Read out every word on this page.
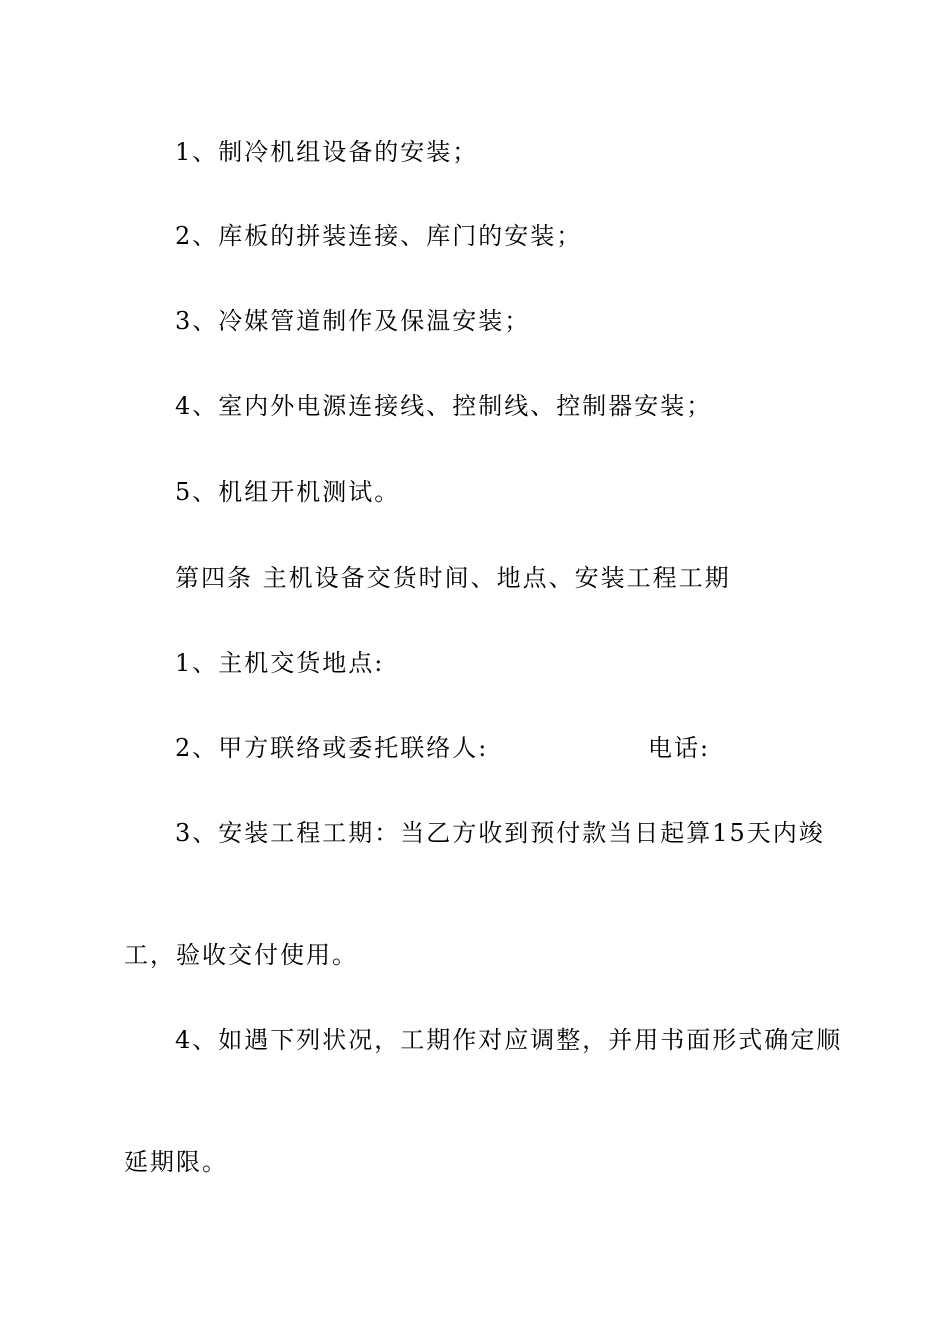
1、制冷机组设备的安装；
2、库板的拼装连接、库门的安装；
3、冷媒管道制作及保温安装；
4、室内外电源连接线、控制线、控制器安装；
5、机组开机测试。
第四条 主机设备交货时间、地点、安装工程工期
1、主机交货地点:
2、甲方联络或委托联络人:	电话:
3、安装工程工期：当乙方收到预付款当日起算15天内竣
工，验收交付使用。
4、如遇下列状况，工期作对应调整，并用书面形式确定顺
延期限。
